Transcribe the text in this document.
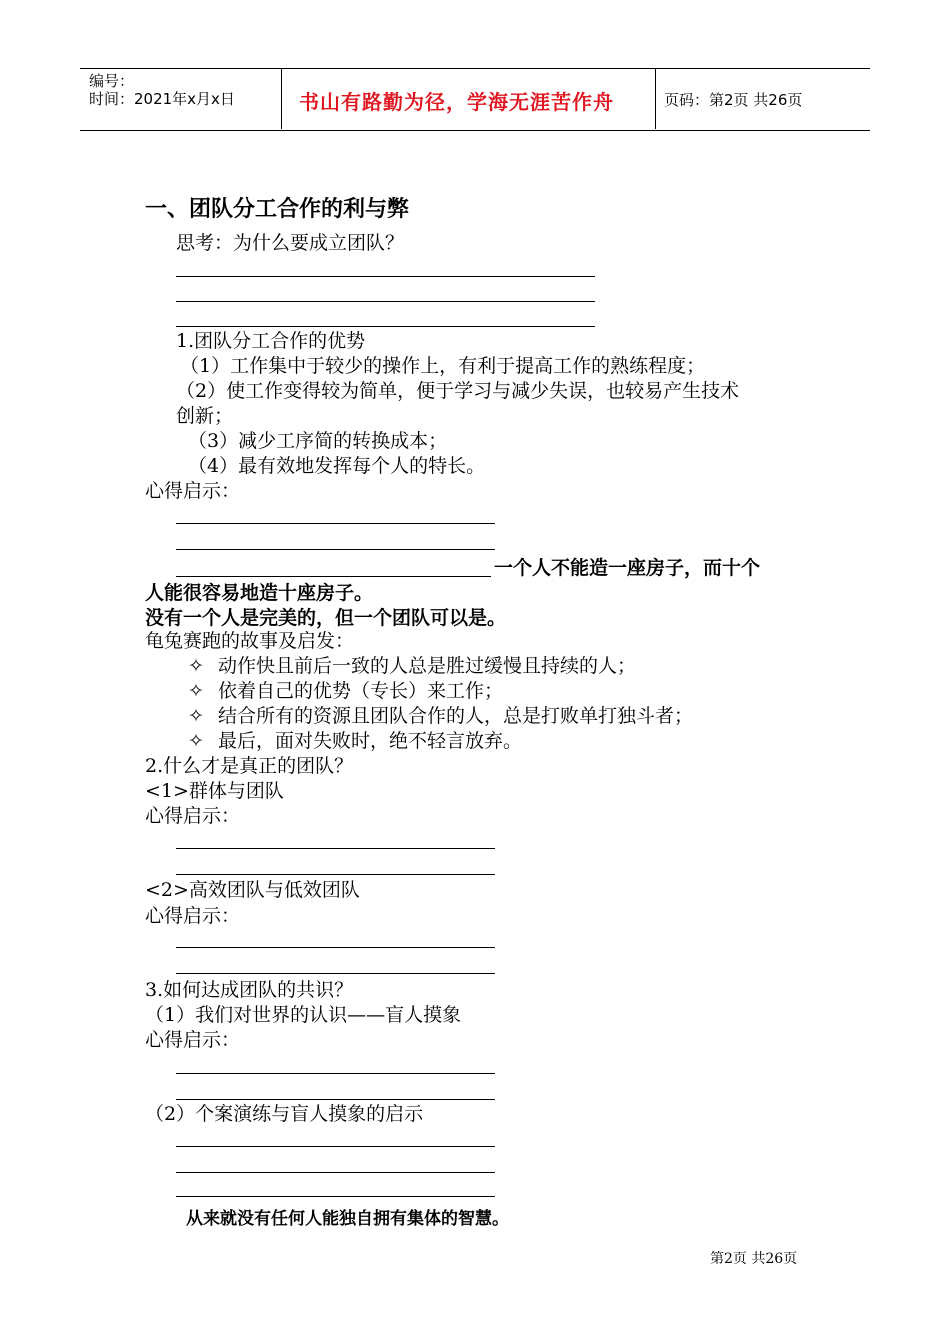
编号：
时间：2021年x月x日	书山有路勤为径，学海无涯苦作舟	页码：第2页 共26页
一、团队分工合作的利与弊
思考：为什么要成立团队？
1.团队分工合作的优势
（1）工作集中于较少的操作上，有利于提高工作的熟练程度；
（2）使工作变得较为简单，便于学习与减少失误，也较易产生技术
创新；
（3）减少工序简的转换成本；
（4）最有效地发挥每个人的特长。
心得启示：
一个人不能造一座房子，而十个
人能很容易地造十座房子。
没有一个人是完美的，但一个团队可以是。
龟兔赛跑的故事及启发：
✧ 动作快且前后一致的人总是胜过缓慢且持续的人；
✧ 依着自己的优势（专长）来工作；
✧ 结合所有的资源且团队合作的人，总是打败单打独斗者；
✧ 最后，面对失败时，绝不轻言放弃。
2.什么才是真正的团队？
<1>群体与团队
心得启示：
<2>高效团队与低效团队
心得启示：
3.如何达成团队的共识？
（1）我们对世界的认识——盲人摸象
心得启示：
（2）个案演练与盲人摸象的启示
从来就没有任何人能独自拥有集体的智慧。
第2页 共26页
